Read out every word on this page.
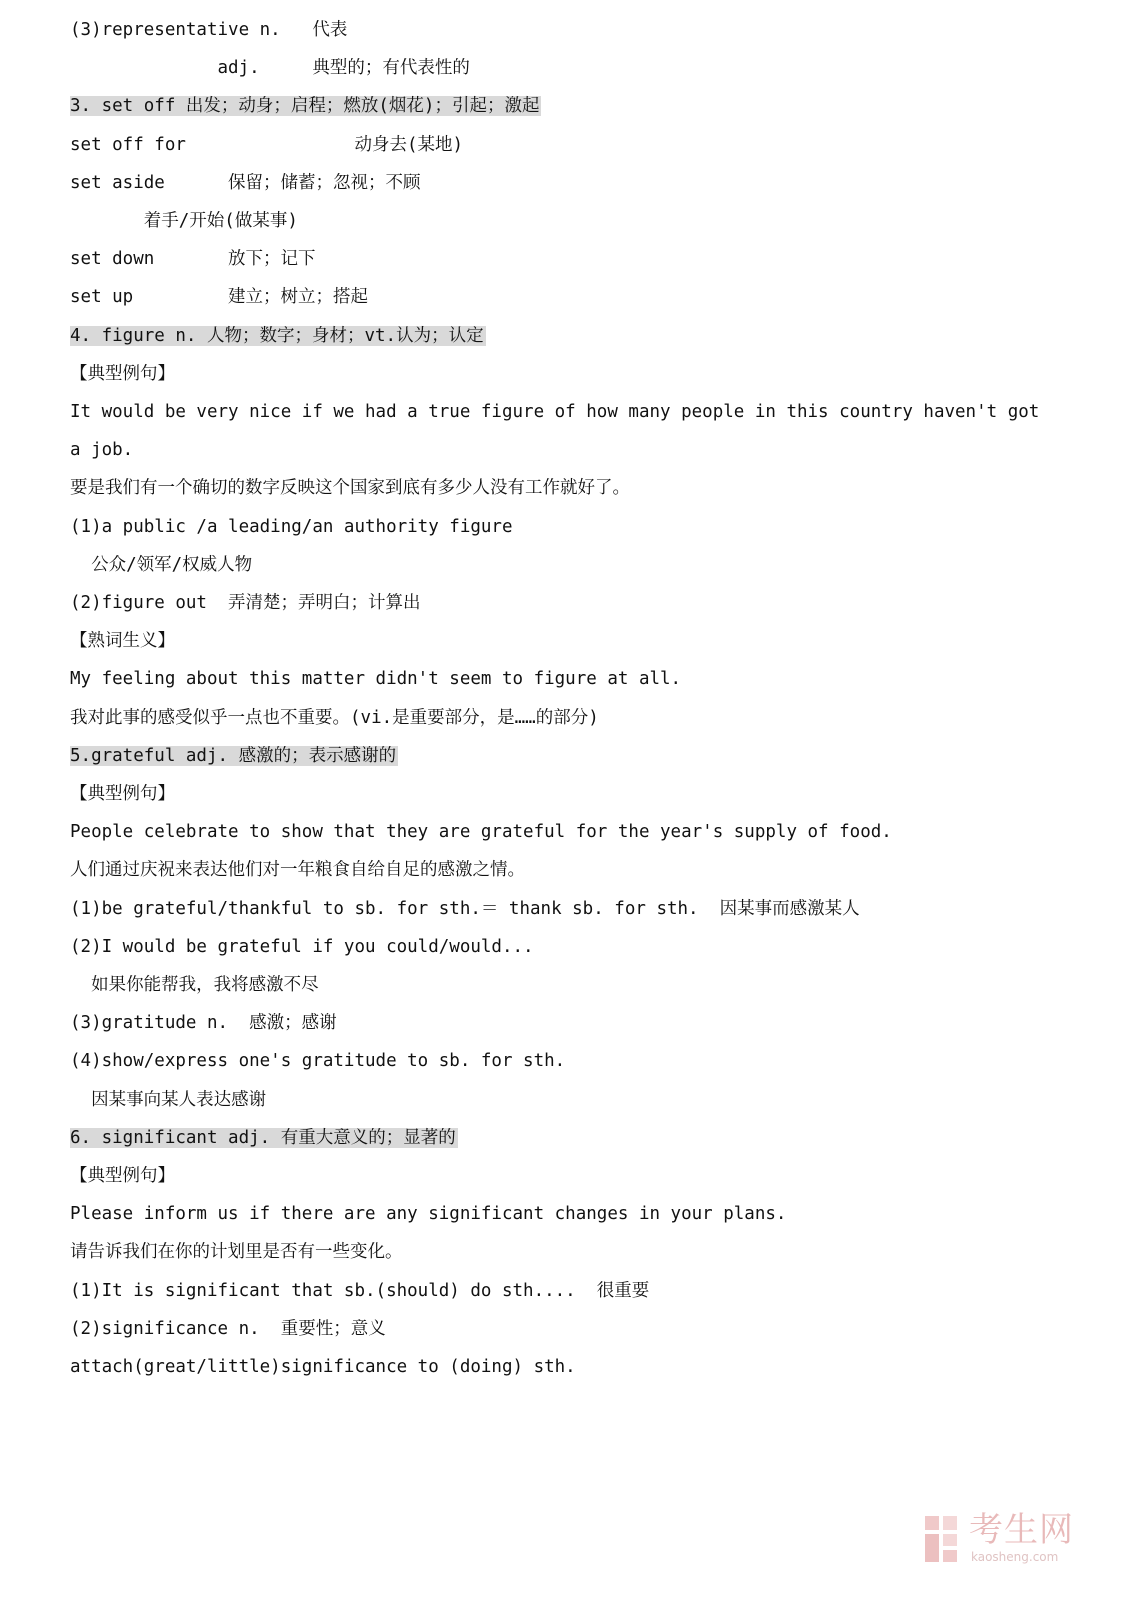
(3)representative n.   代表
adj.     典型的；有代表性的
3. set off 出发；动身；启程；燃放(烟花)；引起；激起
set off for                动身去(某地)
set aside      保留；储蓄；忽视；不顾
着手/开始(做某事)
set down       放下；记下
set up         建立；树立；搭起
4. figure n. 人物；数字；身材；vt.认为；认定
【典型例句】
It would be very nice if we had a true figure of how many people in this country haven't got
a job.
要是我们有一个确切的数字反映这个国家到底有多少人没有工作就好了。
(1)a public /a leading/an authority figure
公众/领军/权威人物
(2)figure out  弄清楚；弄明白；计算出
【熟词生义】
My feeling about this matter didn't seem to figure at all.
我对此事的感受似乎一点也不重要。(vi.是重要部分，是……的部分)
5.grateful adj. 感激的；表示感谢的
【典型例句】
People celebrate to show that they are grateful for the year's supply of food.
人们通过庆祝来表达他们对一年粮食自给自足的感激之情。
(1)be grateful/thankful to sb. for sth.＝ thank sb. for sth.  因某事而感激某人
(2)I would be grateful if you could/would...
如果你能帮我，我将感激不尽
(3)gratitude n.  感激；感谢
(4)show/express one's gratitude to sb. for sth.
因某事向某人表达感谢
6. significant adj. 有重大意义的；显著的
【典型例句】
Please inform us if there are any significant changes in your plans.
请告诉我们在你的计划里是否有一些变化。
(1)It is significant that sb.(should) do sth....  很重要
(2)significance n.  重要性；意义
attach(great/little)significance to (doing) sth.
考生网
kaosheng.com
